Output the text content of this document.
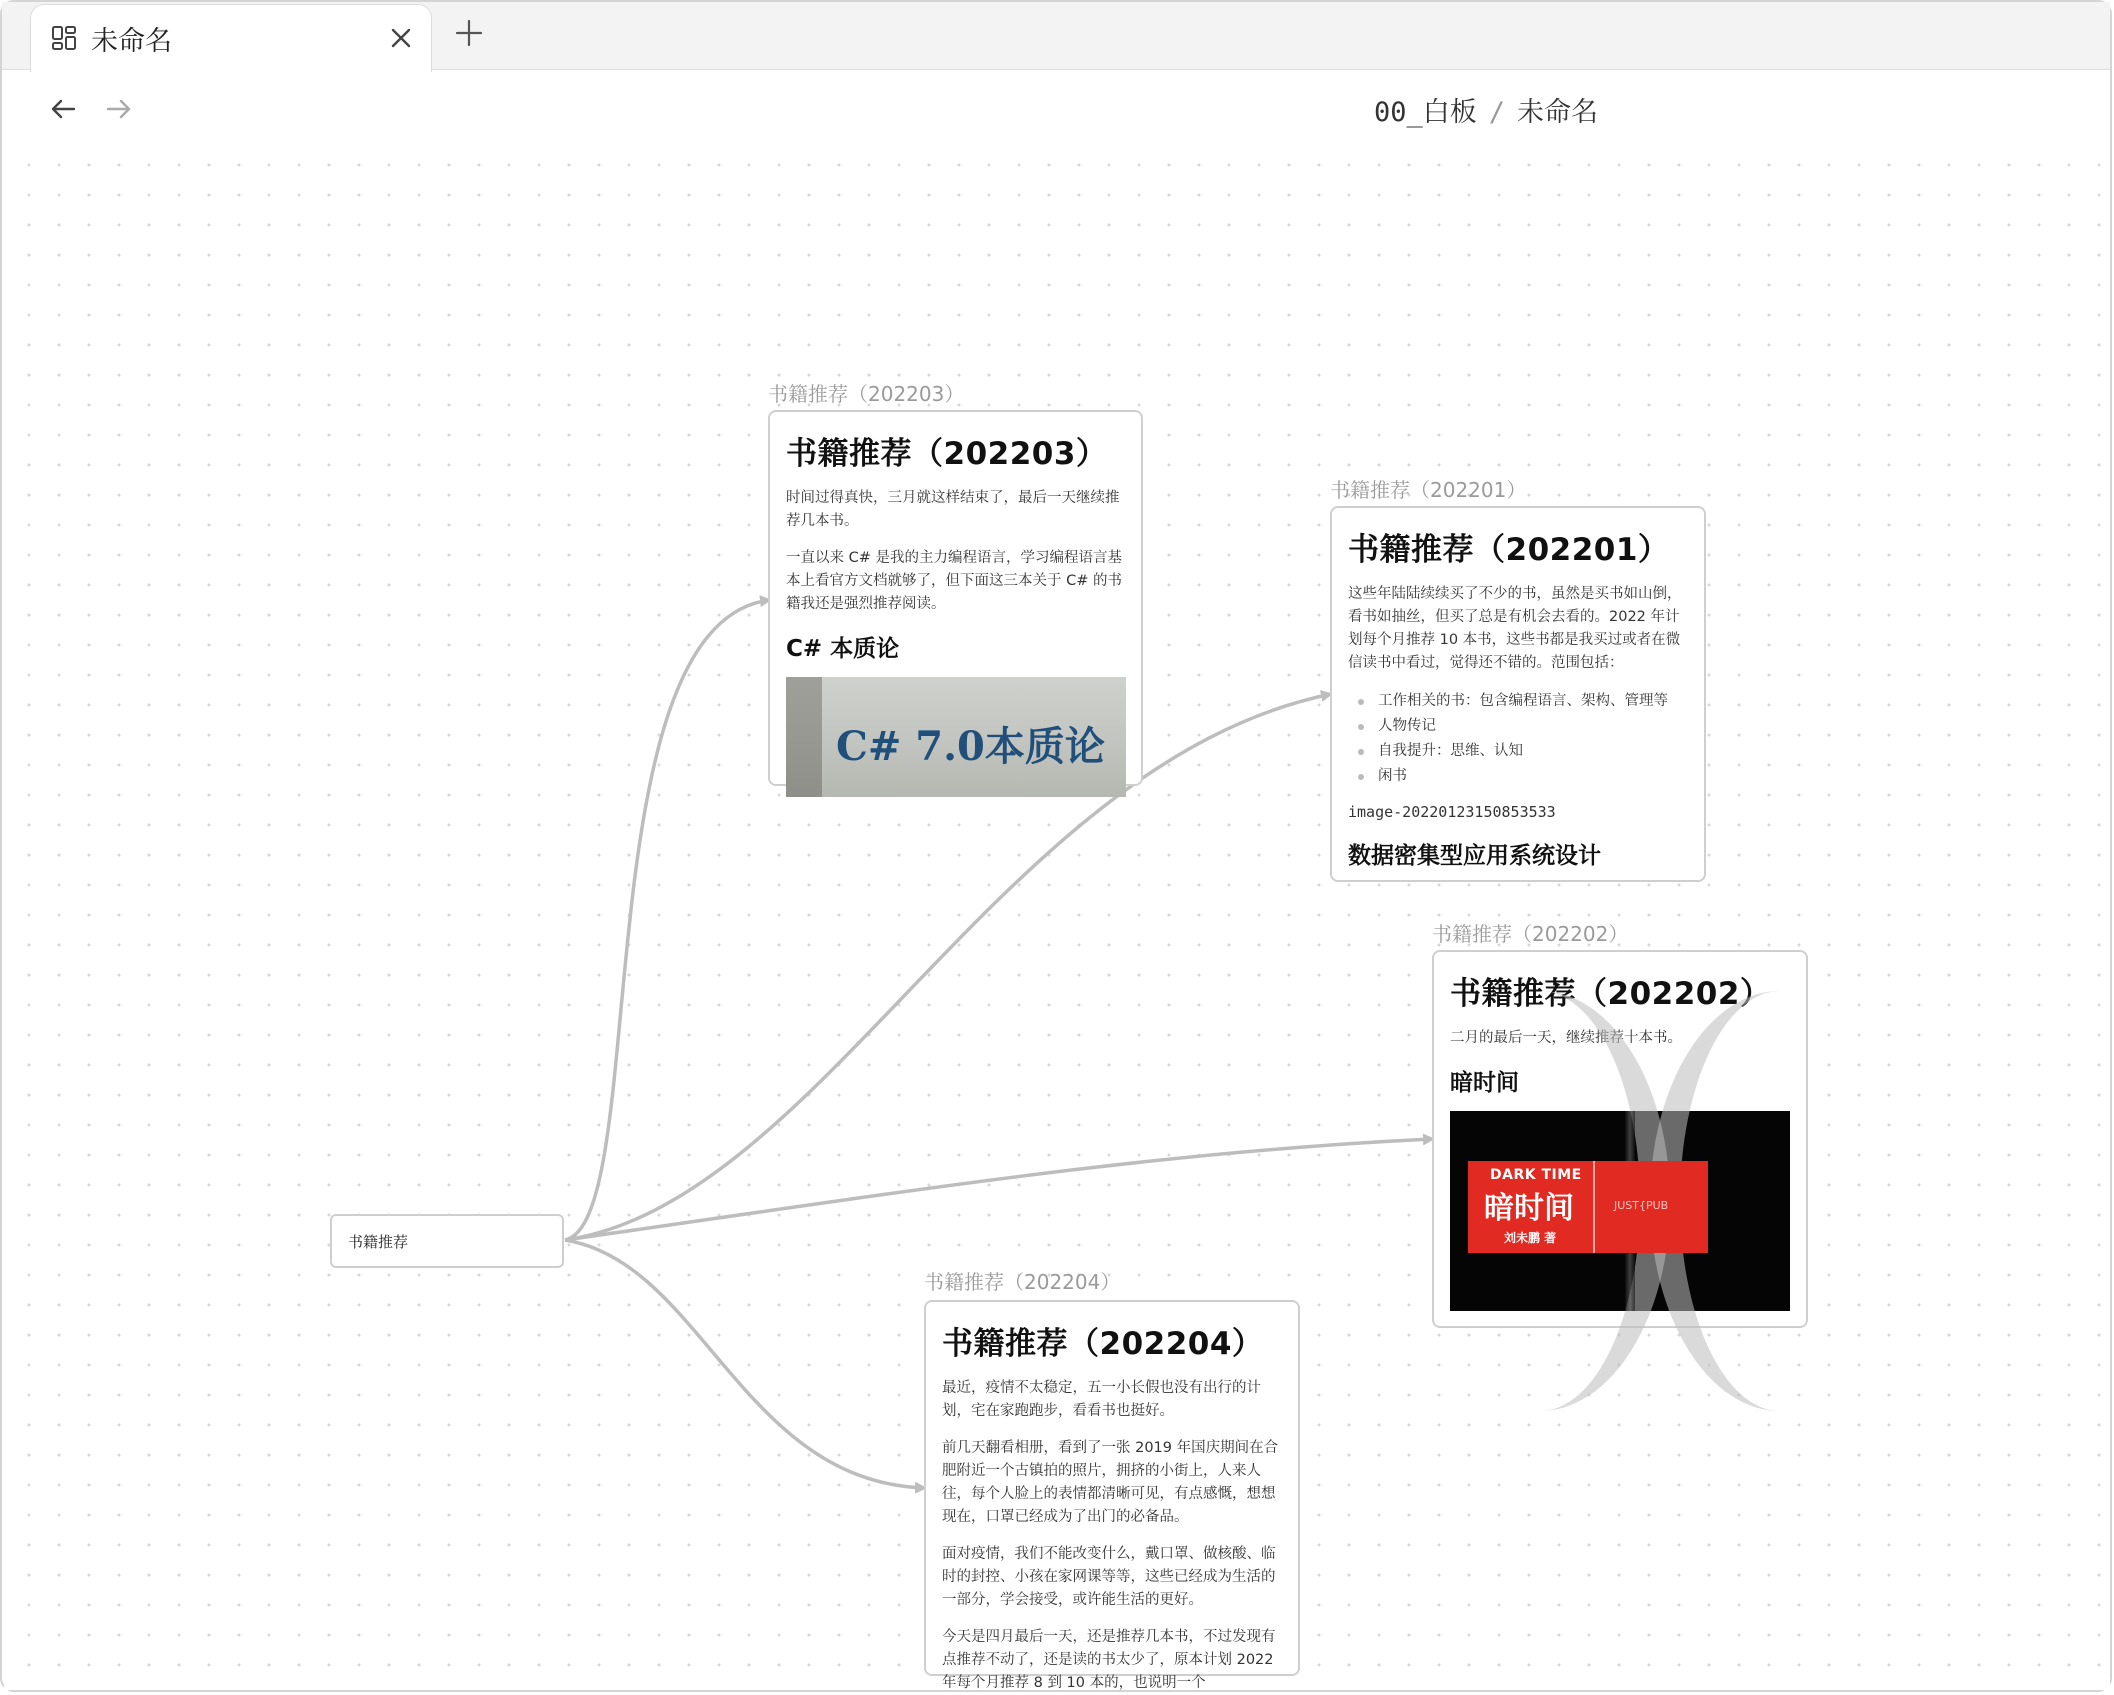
未命名
00_白板 / 未命名
书籍推荐
书籍推荐（202203）
书籍推荐（202203）

时间过得真快，三月就这样结束了，最后一天继续推荐几本书。

一直以来 C# 是我的主力编程语言，学习编程语言基本上看官方文档就够了，但下面这三本关于 C# 的书籍我还是强烈推荐阅读。

C# 本质论
C# 7.0本质论
书籍推荐（202201）
书籍推荐（202201）

这些年陆陆续续买了不少的书，虽然是买书如山倒，看书如抽丝，但买了总是有机会去看的。2022 年计划每个月推荐 10 本书，这些书都是我买过或者在微信读书中看过，觉得还不错的。范围包括：

工作相关的书：包含编程语言、架构、管理等
人物传记
自我提升：思维、认知
闲书
image-20220123150853533
数据密集型应用系统设计
书籍推荐（202202）
书籍推荐（202202）

二月的最后一天，继续推荐十本书。

暗时间
DARK TIME
暗时间
刘未鹏 著
JUST{PUB
书籍推荐（202204）
书籍推荐（202204）

最近，疫情不太稳定，五一小长假也没有出行的计划，宅在家跑跑步，看看书也挺好。

前几天翻看相册，看到了一张 2019 年国庆期间在合肥附近一个古镇拍的照片，拥挤的小街上，人来人往，每个人脸上的表情都清晰可见，有点感慨，想想现在，口罩已经成为了出门的必备品。

面对疫情，我们不能改变什么，戴口罩、做核酸、临时的封控、小孩在家网课等等，这些已经成为生活的一部分，学会接受，或许能生活的更好。

今天是四月最后一天，还是推荐几本书，不过发现有点推荐不动了，还是读的书太少了，原本计划 2022 年每个月推荐 8 到 10 本的，也说明一个
